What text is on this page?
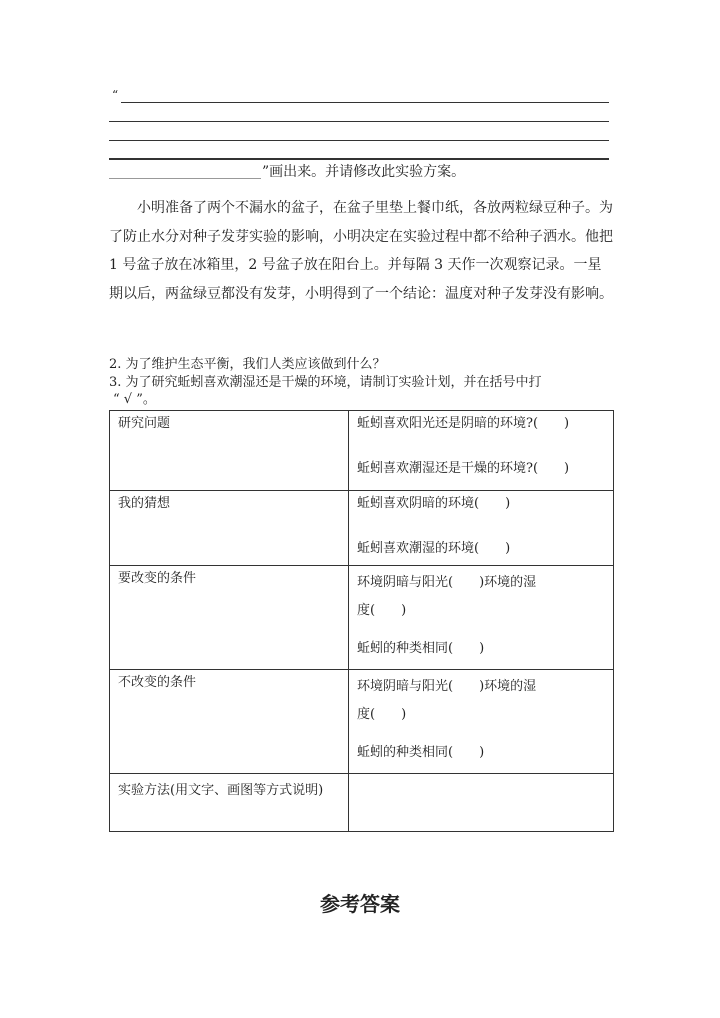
“
”画出来。并请修改此实验方案。

小明准备了两个不漏水的盆子，在盆子里垫上餐巾纸，各放两粒绿豆种子。为了防止水分对种子发芽实验的影响，小明决定在实验过程中都不给种子洒水。他把 1 号盆子放在冰箱里，2 号盆子放在阳台上。并每隔 3 天作一次观察记录。一星期以后，两盆绿豆都没有发芽，小明得到了一个结论：温度对种子发芽没有影响。

2. 为了维护生态平衡，我们人类应该做到什么？
3. 为了研究蚯蚓喜欢潮湿还是干燥的环境，请制订实验计划，并在括号中打
“ √ ”。
研究问题	蚯蚓喜欢阳光还是阴暗的环境?(　　)
蚯蚓喜欢潮湿还是干燥的环境?(　　)

我的猜想	蚯蚓喜欢阴暗的环境(　　)
蚯蚓喜欢潮湿的环境(　　)

要改变的条件	环境阴暗与阳光(　　)环境的湿度(　　)
蚯蚓的种类相同(　　)

不改变的条件	环境阴暗与阳光(　　)环境的湿度(　　)
蚯蚓的种类相同(　　)

实验方法(用文字、画图等方式说明)	
参考答案
